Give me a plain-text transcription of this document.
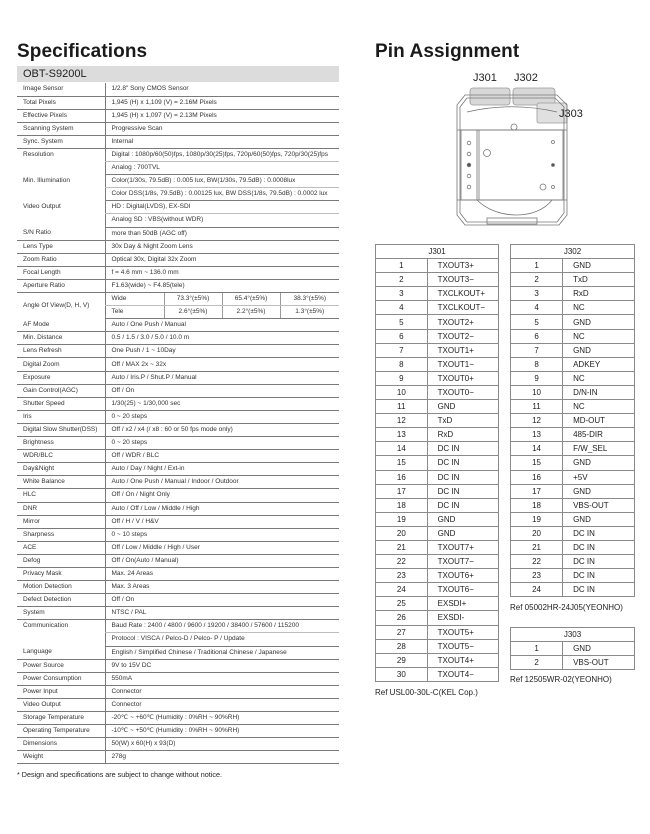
Specifications	Pin Assignment
OBT-S9200L
Image Sensor	1/2.8" Sony CMOS Sensor			
Total Pixels	1,945 (H) x 1,109 (V) = 2.16M Pixels			
Effective Pixels	1,945 (H) x 1,097 (V) = 2.13M Pixels			
Scanning System	Progressive Scan			
Sync. System	Internal			
Resolution	Digital : 1080p/60(50)fps, 1080p/30(25)fps, 720p/60(50)fps, 720p/30(25)fps			
	Analog : 700TVL			
Min. Illumination	Color(1/30s, 79.5dB) : 0.005 lux, BW(1/30s, 79.5dB) : 0.0008lux			
	Color DSS(1/8s, 79.5dB) : 0.00125 lux, BW DSS(1/8s, 79.5dB) : 0.0002 lux			
Video Output	HD : Digital(LVDS), EX-SDI			
	Analog SD : VBS(without WDR)			
S/N Ratio	more than 50dB (AGC off)			
Lens Type	30x Day & Night Zoom Lens			
Zoom Ratio	Optical 30x, Digital 32x Zoom			
Focal Length	f = 4.6 mm ~ 136.0 mm			
Aperture Ratio	F1.63(wide) ~ F4.85(tele)			
Angle Of View(D, H, V)	Wide	73.3°(±5%)	65.4°(±5%)	38.3°(±5%)
	Tele	2.6°(±5%)	2.2°(±5%)	1.3°(±5%)
AF Mode	Auto / One Push / Manual			
Min. Distance	0.5 / 1.5 / 3.0 / 5.0 / 10.0 m			
Lens Refresh	One Push / 1 ~ 10Day			
Digital Zoom	Off / MAX 2x ~ 32x			
Exposure	Auto / Iris.P / Shut.P / Manual			
Gain Control(AGC)	Off / On			
Shutter Speed	1/30(25) ~ 1/30,000 sec			
Iris	0 ~ 20 steps			
Digital Slow Shutter(DSS)	Off / x2 / x4 (/ x8 : 60 or 50 fps mode only)			
Brightness	0 ~ 20 steps			
WDR/BLC	Off / WDR / BLC			
Day&Night	Auto / Day / Night / Ext-in			
White Balance	Auto / One Push / Manual / Indoor / Outdoor			
HLC	Off / On / Night Only			
DNR	Auto / Off / Low / Middle / High			
Mirror	Off / H / V / H&V			
Sharpness	0 ~ 10 steps			
ACE	Off / Low / Middle / High / User			
Defog	Off / On(Auto / Manual)			
Privacy Mask	Max. 24 Areas			
Motion Detection	Max. 3 Areas			
Defect Detection	Off / On			
System	NTSC / PAL			
Communication	Baud Rate : 2400 / 4800 / 9600 / 19200 / 38400 / 57600 / 115200			
	Protocol : VISCA / Pelco-D / Pelco- P / Update			
Language	English / Simplified Chinese / Traditional Chinese / Japanese			
Power Source	9V to 15V DC			
Power Consumption	550mA			
Power Input	Connector			
Video Output	Connector			
Storage Temperature	-20℃ ~ +60℃ (Humidity : 0%RH ~ 90%RH)			
Operating Temperature	-10℃ ~ +50℃ (Humidity : 0%RH ~ 90%RH)			
Dimensions	50(W) x 60(H) x 93(D)			
Weight	278g			
* Design and specifications are subject to change without notice.
J301 J302
J303
J301	
1	TXOUT3+
2	TXOUT3−
3	TXCLKOUT+
4	TXCLKOUT−
5	TXOUT2+
6	TXOUT2−
7	TXOUT1+
8	TXOUT1−
9	TXOUT0+
10	TXOUT0−
11	GND
12	TxD
13	RxD
14	DC IN
15	DC IN
16	DC IN
17	DC IN
18	DC IN
19	GND
20	GND
21	TXOUT7+
22	TXOUT7−
23	TXOUT6+
24	TXOUT6−
25	EXSDI+
26	EXSDI-
27	TXOUT5+
28	TXOUT5−
29	TXOUT4+
30	TXOUT4−
Ref USL00-30L-C(KEL Cop.)
J302	
1	GND
2	TxD
3	RxD
4	NC
5	GND
6	NC
7	GND
8	ADKEY
9	NC
10	D/N-IN
11	NC
12	MD-OUT
13	485-DIR
14	F/W_SEL
15	GND
16	+5V
17	GND
18	VBS-OUT
19	GND
20	DC IN
21	DC IN
22	DC IN
23	DC IN
24	DC IN
Ref 05002HR-24J05(YEONHO)
J303	
1	GND
2	VBS-OUT
Ref 12505WR-02(YEONHO)
